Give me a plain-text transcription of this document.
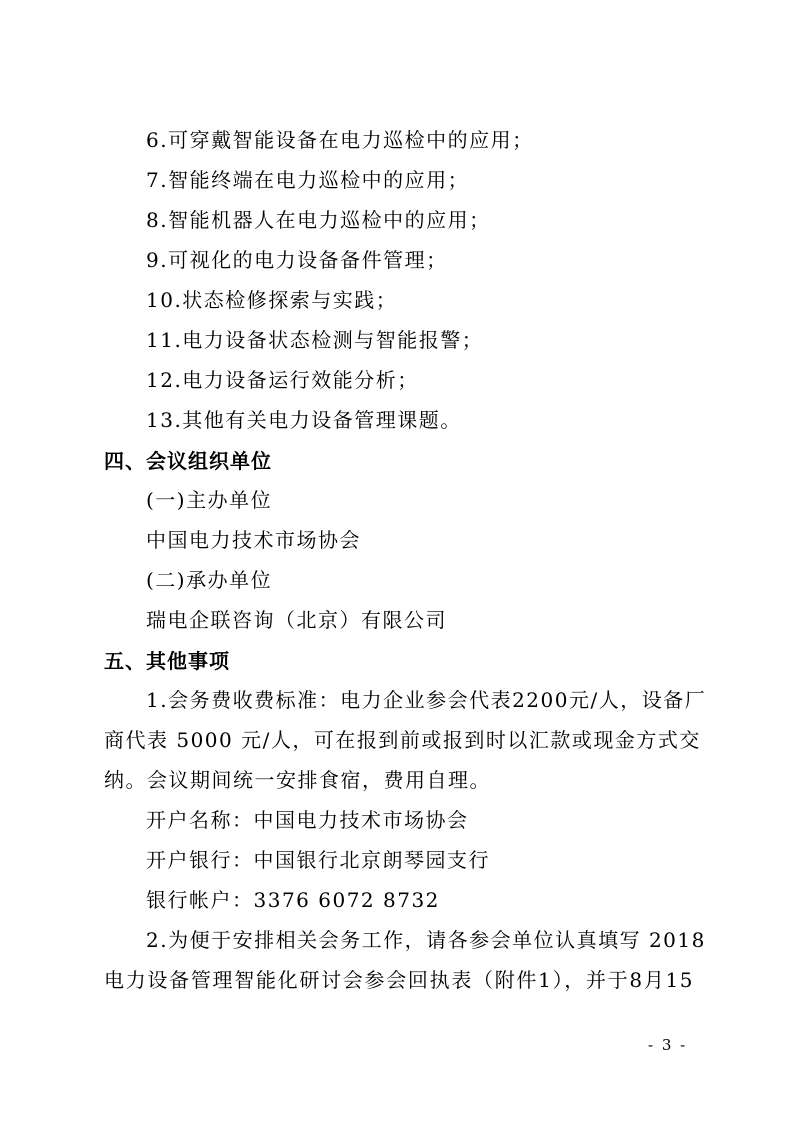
6.可穿戴智能设备在电力巡检中的应用；
7.智能终端在电力巡检中的应用；
8.智能机器人在电力巡检中的应用；
9.可视化的电力设备备件管理；
10.状态检修探索与实践；
11.电力设备状态检测与智能报警；
12.电力设备运行效能分析；
13.其他有关电力设备管理课题。
四、会议组织单位
(一)主办单位
中国电力技术市场协会
(二)承办单位
瑞电企联咨询（北京）有限公司
五、其他事项
1.会务费收费标准：电力企业参会代表2200元/人，设备厂
商代表 5000 元/人，可在报到前或报到时以汇款或现金方式交
纳。会议期间统一安排食宿，费用自理。
开户名称：中国电力技术市场协会
开户银行：中国银行北京朗琴园支行
银行帐户：3376 6072 8732
2.为便于安排相关会务工作，请各参会单位认真填写 2018
电力设备管理智能化研讨会参会回执表（附件1），并于8月15
- 3 -
